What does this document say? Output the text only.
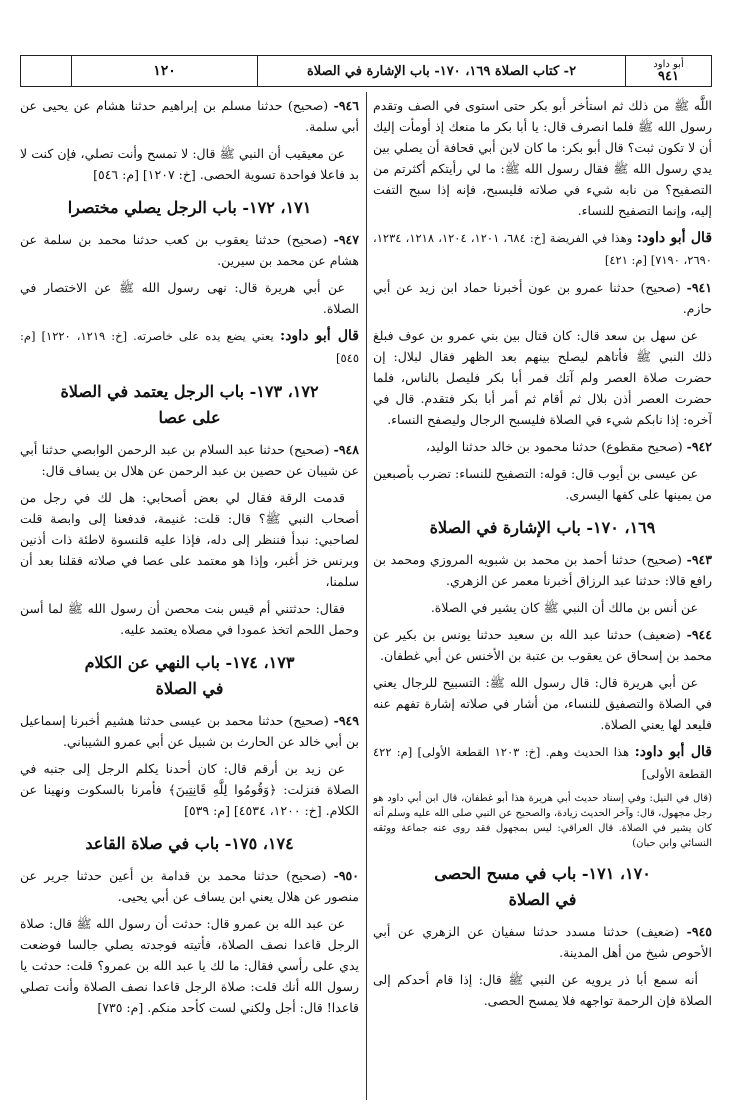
أبو داود
٩٤١
٢- كتاب الصلاة ١٦٩، ١٧٠- باب الإشارة في الصلاة
١٢٠

اللَّه ﷺ من ذلك ثم استأخر أبو بكر حتى استوى في الصف وتقدم رسول الله ﷺ فلما انصرف قال: يا أبا بكر ما منعك إذ أومأت إليك أن لا تكون ثبت؟ قال أبو بكر: ما كان لابن أبي قحافة أن يصلي بين يدي رسول الله ﷺ فقال رسول الله ﷺ: ما لي رأيتكم أكثرتم من التصفيح؟ من نابه شيء في صلاته فليسبح، فإنه إذا سبح التفت إليه، وإنما التصفيح للنساء.

قال أبو داود: وهذا في الفريضة [خ: ٦٨٤، ١٢٠١، ١٢٠٤، ١٢١٨، ١٢٣٤، ٢٦٩٠، ٧١٩٠] [م: ٤٢١]

٩٤١- (صحيح) حدثنا عمرو بن عون أخبرنا حماد ابن زيد عن أبي حازم.

عن سهل بن سعد قال: كان قتال بين بني عمرو بن عوف فبلغ ذلك النبي ﷺ فأتاهم ليصلح بينهم بعد الظهر فقال لبلال: إن حضرت صلاة العصر ولم آتك فمر أبا بكر فليصل بالناس، فلما حضرت العصر أذن بلال ثم أقام ثم أمر أبا بكر فتقدم. قال في آخره: إذا نابكم شيء في الصلاة فليسبح الرجال وليصفح النساء.

٩٤٢- (صحيح مقطوع) حدثنا محمود بن خالد حدثنا الوليد،

عن عيسى بن أيوب قال: قوله: التصفيح للنساء: تضرب بأصبعين من يمينها على كفها اليسرى.

١٦٩، ١٧٠- باب الإشارة في الصلاة

٩٤٣- (صحيح) حدثنا أحمد بن محمد بن شبويه المروزي ومحمد بن رافع قالا: حدثنا عبد الرزاق أخبرنا معمر عن الزهري.

عن أنس بن مالك أن النبي ﷺ كان يشير في الصلاة.

٩٤٤- (ضعيف) حدثنا عبد الله بن سعيد حدثنا يونس بن بكير عن محمد بن إسحاق عن يعقوب بن عتبة بن الأخنس عن أبي غطفان.

عن أبي هريرة قال: قال رسول الله ﷺ: التسبيح للرجال يعني في الصلاة والتصفيق للنساء، من أشار في صلاته إشارة تفهم عنه فليعد لها يعني الصلاة.

قال أبو داود: هذا الحديث وهم. [خ: ١٢٠٣ القطعة الأولى] [م: ٤٢٢ القطعة الأولى]

(قال في النيل: وفي إسناد حديث أبي هريرة هذا أبو غطفان، قال ابن أبي داود هو رجل مجهول، قال: وآخر الحديث زيادة، والصحيح عن النبي صلى الله عليه وسلم أنه كان يشير في الصلاة. قال العراقي: ليس بمجهول فقد روى عنه جماعة ووثقه النسائي وابن حبان)

١٧٠، ١٧١- باب في مسح الحصى
في الصلاة

٩٤٥- (ضعيف) حدثنا مسدد حدثنا سفيان عن الزهري عن أبي الأحوص شيخ من أهل المدينة.

أنه سمع أبا ذر يرويه عن النبي ﷺ قال: إذا قام أحدكم إلى الصلاة فإن الرحمة تواجهه فلا يمسح الحصى.

٩٤٦- (صحيح) حدثنا مسلم بن إبراهيم حدثنا هشام عن يحيى عن أبي سلمة.

عن معيقيب أن النبي ﷺ قال: لا تمسح وأنت تصلي، فإن كنت لا بد فاعلا فواحدة تسوية الحصى. [خ: ١٢٠٧] [م: ٥٤٦]

١٧١، ١٧٢- باب الرجل يصلي مختصرا

٩٤٧- (صحيح) حدثنا يعقوب بن كعب حدثنا محمد بن سلمة عن هشام عن محمد بن سيرين.

عن أبي هريرة قال: نهى رسول الله ﷺ عن الاختصار في الصلاة.

قال أبو داود: يعني يضع يده على خاصرته. [خ: ١٢١٩، ١٢٢٠] [م: ٥٤٥]

١٧٢، ١٧٣- باب الرجل يعتمد في الصلاة
على عصا

٩٤٨- (صحيح) حدثنا عبد السلام بن عبد الرحمن الوابصي حدثنا أبي عن شيبان عن حصين بن عبد الرحمن عن هلال بن يساف قال:

قدمت الرقة فقال لي بعض أصحابي: هل لك في رجل من أصحاب النبي ﷺ؟ قال: قلت: غنيمة، فدفعنا إلى وابصة قلت لصاحبي: نبدأ فننظر إلى دله، فإذا عليه قلنسوة لاطئة ذات أذنين وبرنس خز أغبر، وإذا هو معتمد على عصا في صلاته فقلنا بعد أن سلمنا،

فقال: حدثتني أم قيس بنت محصن أن رسول الله ﷺ لما أسن وحمل اللحم اتخذ عمودا في مصلاه يعتمد عليه.

١٧٣، ١٧٤- باب النهي عن الكلام
في الصلاة

٩٤٩- (صحيح) حدثنا محمد بن عيسى حدثنا هشيم أخبرنا إسماعيل بن أبي خالد عن الحارث بن شبيل عن أبي عمرو الشيباني.

عن زيد بن أرقم قال: كان أحدنا يكلم الرجل إلى جنبه في الصلاة فنزلت: ﴿وَقُومُوا لِلَّهِ قَانِتِينَ﴾ فأمرنا بالسكوت ونهينا عن الكلام. [خ: ١٢٠٠، ٤٥٣٤] [م: ٥٣٩]

١٧٤، ١٧٥- باب في صلاة القاعد

٩٥٠- (صحيح) حدثنا محمد بن قدامة بن أعين حدثنا جرير عن منصور عن هلال يعني ابن يساف عن أبي يحيى.

عن عبد الله بن عمرو قال: حدثت أن رسول الله ﷺ قال: صلاة الرجل قاعدا نصف الصلاة، فأتيته فوجدته يصلي جالسا فوضعت يدي على رأسي فقال: ما لك يا عبد الله بن عمرو؟ قلت: حدثت يا رسول الله أنك قلت: صلاة الرجل قاعدا نصف الصلاة وأنت تصلي قاعدا! قال: أجل ولكني لست كأحد منكم. [م: ٧٣٥]
